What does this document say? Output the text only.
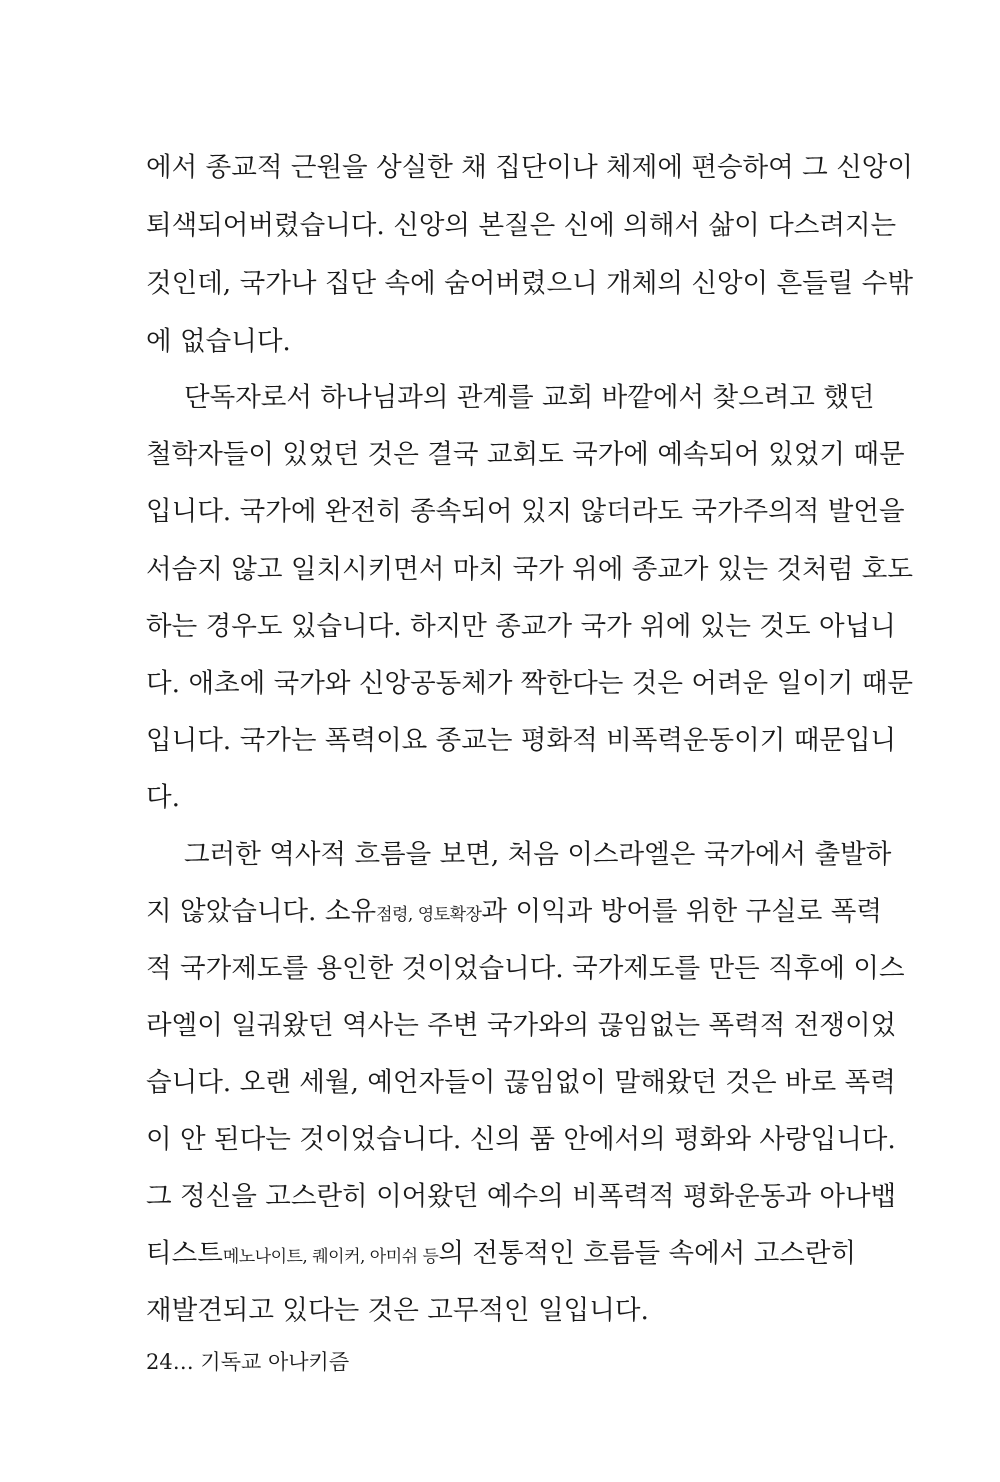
에서 종교적 근원을 상실한 채 집단이나 체제에 편승하여 그 신앙이
퇴색되어버렸습니다. 신앙의 본질은 신에 의해서 삶이 다스려지는
것인데, 국가나 집단 속에 숨어버렸으니 개체의 신앙이 흔들릴 수밖
에 없습니다.
단독자로서 하나님과의 관계를 교회 바깥에서 찾으려고 했던
철학자들이 있었던 것은 결국 교회도 국가에 예속되어 있었기 때문
입니다. 국가에 완전히 종속되어 있지 않더라도 국가주의적 발언을
서슴지 않고 일치시키면서 마치 국가 위에 종교가 있는 것처럼 호도
하는 경우도 있습니다. 하지만 종교가 국가 위에 있는 것도 아닙니
다. 애초에 국가와 신앙공동체가 짝한다는 것은 어려운 일이기 때문
입니다. 국가는 폭력이요 종교는 평화적 비폭력운동이기 때문입니
다.
그러한 역사적 흐름을 보면, 처음 이스라엘은 국가에서 출발하
지 않았습니다. 소유점령, 영토확장과 이익과 방어를 위한 구실로 폭력
적 국가제도를 용인한 것이었습니다. 국가제도를 만든 직후에 이스
라엘이 일궈왔던 역사는 주변 국가와의 끊임없는 폭력적 전쟁이었
습니다. 오랜 세월, 예언자들이 끊임없이 말해왔던 것은 바로 폭력
이 안 된다는 것이었습니다. 신의 품 안에서의 평화와 사랑입니다.
그 정신을 고스란히 이어왔던 예수의 비폭력적 평화운동과 아나뱁
티스트메노나이트, 퀘이커, 아미쉬 등의 전통적인 흐름들 속에서 고스란히
재발견되고 있다는 것은 고무적인 일입니다.
24… 기독교 아나키즘
